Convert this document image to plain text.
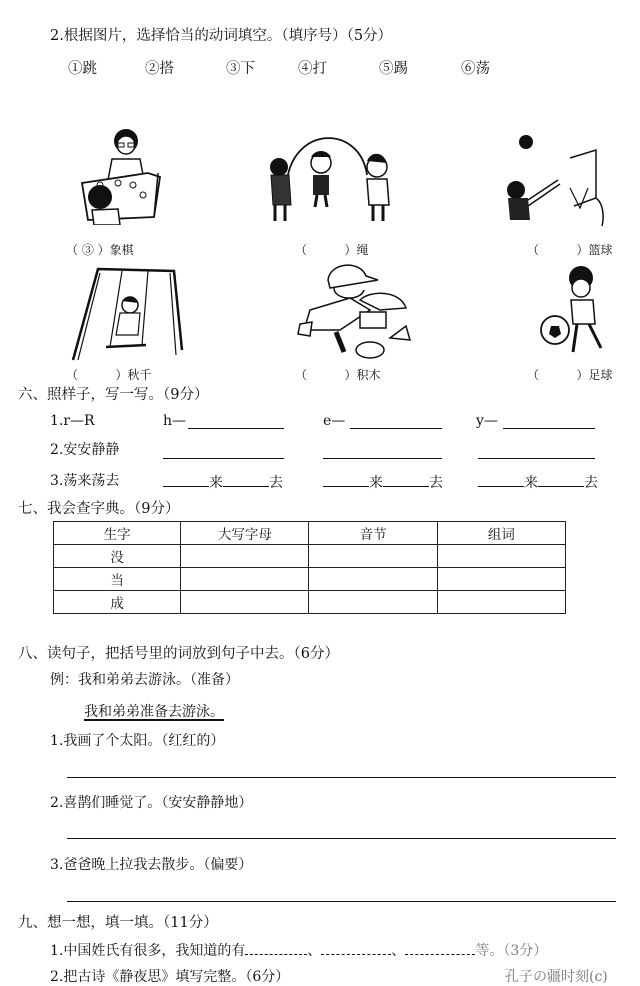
2.根据图片，选择恰当的动词填空。（填序号）（5分）
①跳	②搭	③下	④打	⑤踢	⑥荡
（ ③ ）象棋	（   ）绳	（   ）篮球
（   ）秋千	（   ）积木	（   ）足球
六、照样子，写一写。（9分）
1.r—R	h—	e—	y—
2.安安静静
3.荡来荡去	来	去	来	去	来	去
七、我会查字典。（9分）
生字	大写字母	音节	组词
没			
当			
成			
八、读句子，把括号里的词放到句子中去。（6分）
例：我和弟弟去游泳。（准备）
我和弟弟准备去游泳。
1.我画了个太阳。（红红的）
2.喜鹊们睡觉了。（安安静静地）
3.爸爸晚上拉我去散步。（偏要）
九、想一想，填一填。（11分）
1.中国姓氏有很多，我知道的有	、	、	等。（3分）
2.把古诗《静夜思》填写完整。（6分）	孔子の疆时刻(c)
